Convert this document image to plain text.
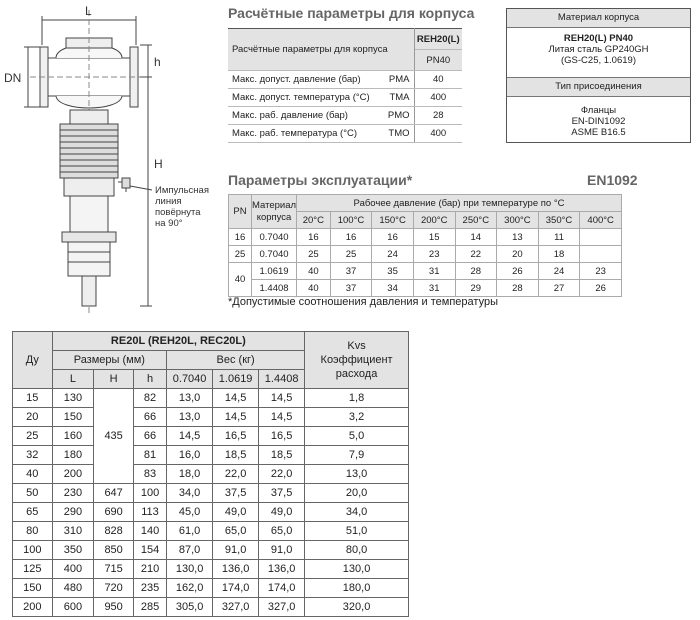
L
h
H
DN
Импульсная
линия
повёрнута
на 90°
Расчётные параметры для корпуса
Расчётные параметры для корпуса		REH20(L)
		PN40
Макс. допуст. давление (бар)	PMA	40
Макс. допуст. температура (°C)	TMA	400
Макс. раб. давление (бар)	PMO	28
Макс. раб. температура (°C)	TMO	400
Материал корпуса
REH20(L) PN40
Литая сталь GP240GH
(GS-C25, 1.0619)
Тип присоединения
Фланцы
EN-DIN1092
ASME B16.5
Параметры эксплуатации*	EN1092
PN	Материал
корпуса	Рабочее давление (бар) при температуре по °C							
		20°C	100°C	150°C	200°C	250°C	300°C	350°C	400°C
16	0.7040	16	16	16	15	14	13	11	
25	0.7040	25	25	24	23	22	20	18	
40	1.0619	40	37	35	31	28	26	24	23
	1.4408	40	37	34	31	29	28	27	26
*Допустимые соотношения давления и температуры
Ду	RE20L (REH20L, REC20L)						Kvs
Коэффициент
расхода
	Размеры (мм)			Вес (кг)			
	L	H	h	0.7040	1.0619	1.4408	
15	130	435	82	13,0	14,5	14,5	1,8
20	150		66	13,0	14,5	14,5	3,2
25	160		66	14,5	16,5	16,5	5,0
32	180		81	16,0	18,5	18,5	7,9
40	200		83	18,0	22,0	22,0	13,0
50	230	647	100	34,0	37,5	37,5	20,0
65	290	690	113	45,0	49,0	49,0	34,0
80	310	828	140	61,0	65,0	65,0	51,0
100	350	850	154	87,0	91,0	91,0	80,0
125	400	715	210	130,0	136,0	136,0	130,0
150	480	720	235	162,0	174,0	174,0	180,0
200	600	950	285	305,0	327,0	327,0	320,0
